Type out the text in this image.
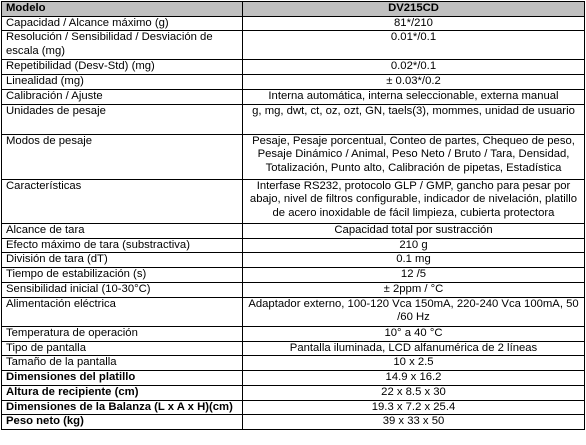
Modelo	DV215CD
Capacidad / Alcance máximo (g)	81*/210
Resolución / Sensibilidad / Desviación de escala (mg)	0.01*/0.1
Repetibilidad (Desv-Std) (mg)	0.02*/0.1
Linealidad (mg)	± 0.03*/0.2
Calibración / Ajuste	Interna automática, interna seleccionable, externa manual
Unidades de pesaje	g, mg, dwt, ct, oz, ozt, GN, taels(3), mommes, unidad de usuario
Modos de pesaje	Pesaje, Pesaje porcentual, Conteo de partes, Chequeo de peso, Pesaje Dinámico / Animal, Peso Neto / Bruto / Tara, Densidad, Totalización, Punto alto, Calibración de pipetas, Estadística
Características	Interfase RS232, protocolo GLP / GMP, gancho para pesar por abajo, nivel de filtros configurable, indicador de nivelación, platillo de acero inoxidable de fácil limpieza, cubierta protectora
Alcance de tara	Capacidad total por sustracción
Efecto máximo de tara (substractiva)	210 g
División de tara (dT)	0.1 mg
Tiempo de estabilización (s)	12 /5
Sensibilidad inicial (10-30°C)	± 2ppm / °C
Alimentación eléctrica	Adaptador externo, 100-120 Vca 150mA, 220-240 Vca 100mA, 50 /60 Hz
Temperatura de operación	10° a 40 °C
Tipo de pantalla	Pantalla iluminada, LCD alfanumérica de 2 líneas
Tamaño de la pantalla	10 x 2.5
Dimensiones del platillo	14.9 x 16.2
Altura de recipiente (cm)	22 x 8.5 x 30
Dimensiones de la Balanza (L x A x H)(cm)	19.3 x 7.2 x 25.4
Peso neto (kg)	39 x 33 x 50
